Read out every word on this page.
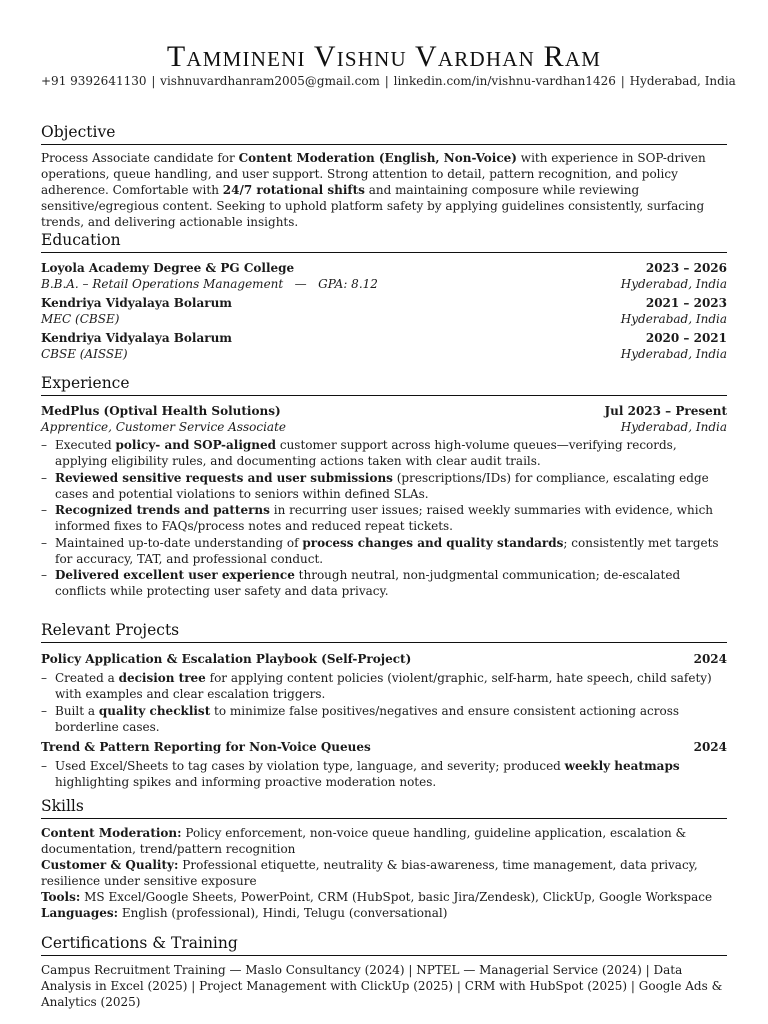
Tammineni Vishnu Vardhan Ram
+91 9392641130 | vishnuvardhanram2005@gmail.com | linkedin.com/in/vishnu-vardhan1426 | Hyderabad, India
Objective
Process Associate candidate for Content Moderation (English, Non-Voice) with experience in SOP-driven operations, queue handling, and user support. Strong attention to detail, pattern recognition, and policy adherence. Comfortable with 24/7 rotational shifts and maintaining composure while reviewing sensitive/egregious content. Seeking to uphold platform safety by applying guidelines consistently, surfacing trends, and delivering actionable insights.
Education
Loyola Academy Degree & PG College	2023 – 2026
B.B.A. – Retail Operations Management   —   GPA: 8.12	Hyderabad, India
Kendriya Vidyalaya Bolarum	2021 – 2023
MEC (CBSE)	Hyderabad, India
Kendriya Vidyalaya Bolarum	2020 – 2021
CBSE (AISSE)	Hyderabad, India
Experience
MedPlus (Optival Health Solutions)	Jul 2023 – Present
Apprentice, Customer Service Associate	Hyderabad, India
– Executed policy- and SOP-aligned customer support across high-volume queues—verifying records, applying eligibility rules, and documenting actions taken with clear audit trails.
– Reviewed sensitive requests and user submissions (prescriptions/IDs) for compliance, escalating edge cases and potential violations to seniors within defined SLAs.
– Recognized trends and patterns in recurring user issues; raised weekly summaries with evidence, which informed fixes to FAQs/process notes and reduced repeat tickets.
– Maintained up-to-date understanding of process changes and quality standards; consistently met targets for accuracy, TAT, and professional conduct.
– Delivered excellent user experience through neutral, non-judgmental communication; de-escalated conflicts while protecting user safety and data privacy.
Relevant Projects
Policy Application & Escalation Playbook (Self-Project)	2024
– Created a decision tree for applying content policies (violent/graphic, self-harm, hate speech, child safety) with examples and clear escalation triggers.
– Built a quality checklist to minimize false positives/negatives and ensure consistent actioning across borderline cases.
Trend & Pattern Reporting for Non-Voice Queues	2024
– Used Excel/Sheets to tag cases by violation type, language, and severity; produced weekly heatmaps highlighting spikes and informing proactive moderation notes.
Skills
Content Moderation: Policy enforcement, non-voice queue handling, guideline application, escalation & documentation, trend/pattern recognition
Customer & Quality: Professional etiquette, neutrality & bias-awareness, time management, data privacy, resilience under sensitive exposure
Tools: MS Excel/Google Sheets, PowerPoint, CRM (HubSpot, basic Jira/Zendesk), ClickUp, Google Workspace
Languages: English (professional), Hindi, Telugu (conversational)
Certifications & Training
Campus Recruitment Training — Maslo Consultancy (2024) | NPTEL — Managerial Service (2024) | Data Analysis in Excel (2025) | Project Management with ClickUp (2025) | CRM with HubSpot (2025) | Google Ads & Analytics (2025)
